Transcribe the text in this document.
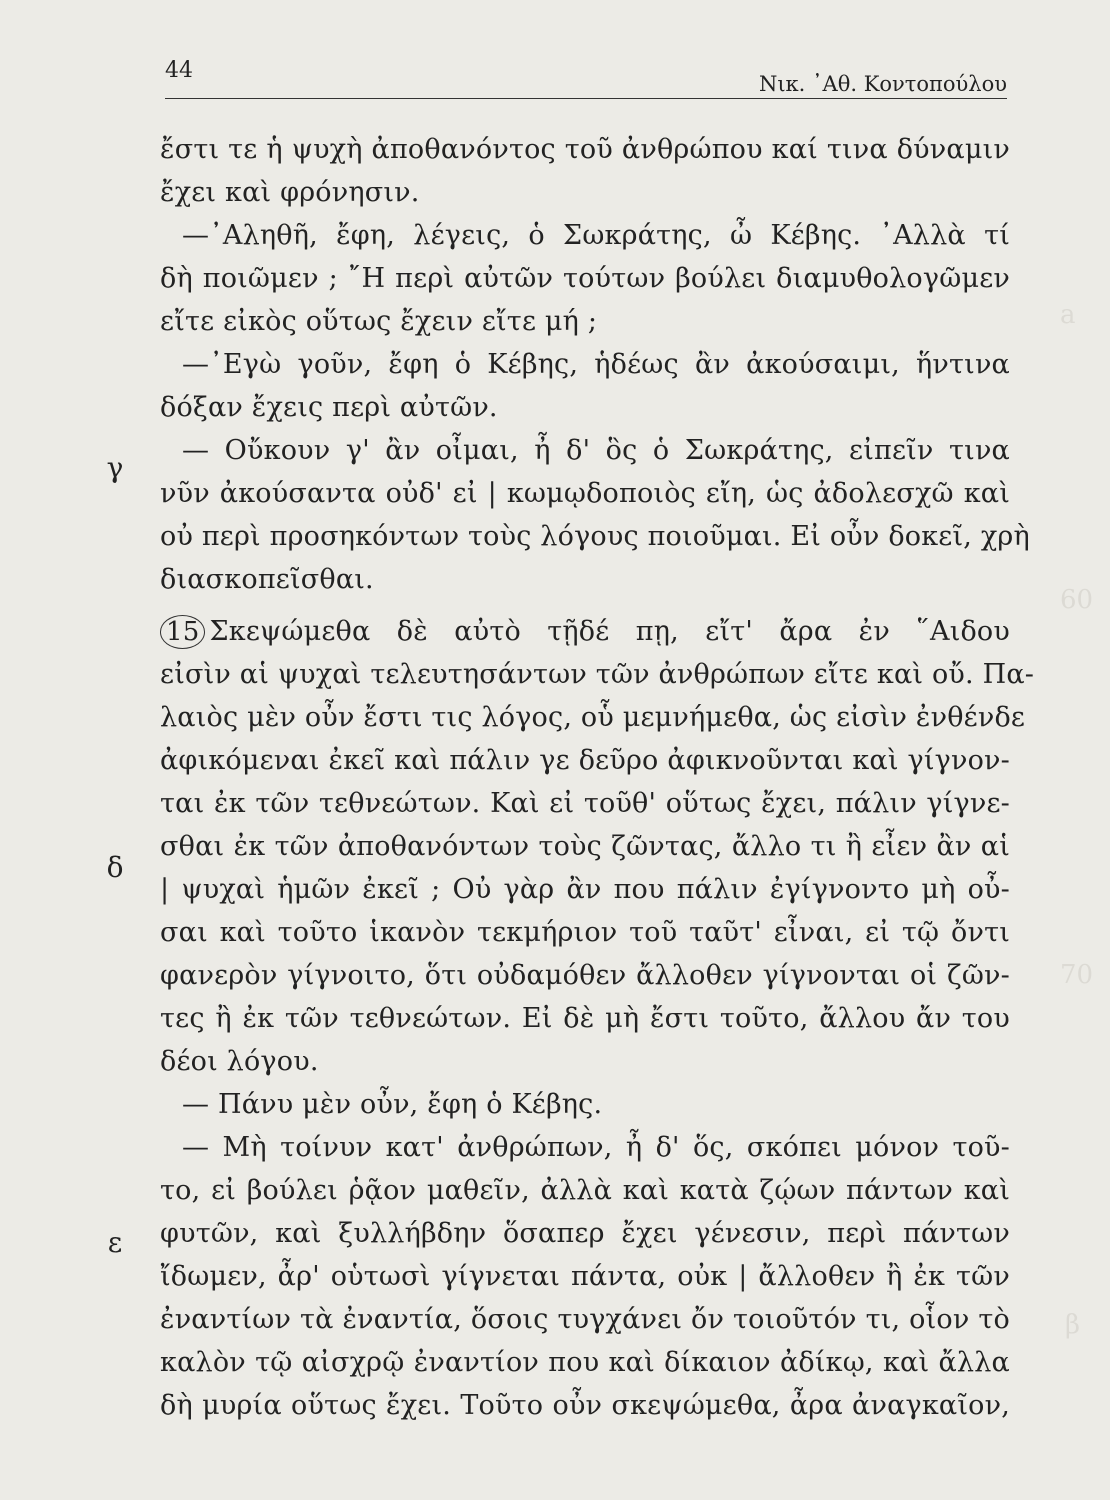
44
Νικ. ᾿Αθ. Κοντοπούλου
a
60
70
β
γ
δ
ε
ἔστι τε ἡ ψυχὴ ἀποθανόντος τοῦ ἀνθρώπου καί τινα δύναμιν
ἔχει καὶ φρόνησιν.
—᾿Αληθῆ, ἔφη, λέγεις, ὁ Σωκράτης, ὦ Κέβης. ᾿Αλλὰ τί
δὴ ποιῶμεν ; ῎Η περὶ αὐτῶν τούτων βούλει διαμυθολογῶμεν
εἴτε εἰκὸς οὕτως ἔχειν εἴτε μή ;
—᾿Εγὼ γοῦν, ἔφη ὁ Κέβης, ἡδέως ἂν ἀκούσαιμι, ἥντινα
δόξαν ἔχεις περὶ αὐτῶν.
— Οὔκουν γ' ἂν οἶμαι, ἦ δ' ὃς ὁ Σωκράτης, εἰπεῖν τινα
νῦν ἀκούσαντα οὐδ' εἰ | κωμῳδοποιὸς εἴη, ὡς ἀδολεσχῶ καὶ
οὐ περὶ προσηκόντων τοὺς λόγους ποιοῦμαι. Εἰ οὖν δοκεῖ, χρὴ
διασκοπεῖσθαι.
15 Σκεψώμεθα δὲ αὐτὸ τῇδέ πῃ, εἴτ' ἄρα ἐν ῞Αιδου
εἰσὶν αἱ ψυχαὶ τελευτησάντων τῶν ἀνθρώπων εἴτε καὶ οὔ. Πα-
λαιὸς μὲν οὖν ἔστι τις λόγος, οὗ μεμνήμεθα, ὡς εἰσὶν ἐνθένδε
ἀφικόμεναι ἐκεῖ καὶ πάλιν γε δεῦρο ἀφικνοῦνται καὶ γίγνον-
ται ἐκ τῶν τεθνεώτων. Καὶ εἰ τοῦθ' οὕτως ἔχει, πάλιν γίγνε-
σθαι ἐκ τῶν ἀποθανόντων τοὺς ζῶντας, ἄλλο τι ἢ εἶεν ἂν αἱ
| ψυχαὶ ἡμῶν ἐκεῖ ; Οὐ γὰρ ἂν που πάλιν ἐγίγνοντο μὴ οὖ-
σαι καὶ τοῦτο ἱκανὸν τεκμήριον τοῦ ταῦτ' εἶναι, εἰ τῷ ὄντι
φανερὸν γίγνοιτο, ὅτι οὐδαμόθεν ἄλλοθεν γίγνονται οἱ ζῶν-
τες ἢ ἐκ τῶν τεθνεώτων. Εἰ δὲ μὴ ἔστι τοῦτο, ἄλλου ἄν του
δέοι λόγου.
— Πάνυ μὲν οὖν, ἔφη ὁ Κέβης.
— Μὴ τοίνυν κατ' ἀνθρώπων, ἦ δ' ὅς, σκόπει μόνον τοῦ-
το, εἰ βούλει ῥᾷον μαθεῖν, ἀλλὰ καὶ κατὰ ζῴων πάντων καὶ
φυτῶν, καὶ ξυλλήβδην ὅσαπερ ἔχει γένεσιν, περὶ πάντων
ἴδωμεν, ἆρ' οὑτωσὶ γίγνεται πάντα, οὐκ | ἄλλοθεν ἢ ἐκ τῶν
ἐναντίων τὰ ἐναντία, ὅσοις τυγχάνει ὄν τοιοῦτόν τι, οἷον τὸ
καλὸν τῷ αἰσχρῷ ἐναντίον που καὶ δίκαιον ἀδίκῳ, καὶ ἄλλα
δὴ μυρία οὕτως ἔχει. Τοῦτο οὖν σκεψώμεθα, ἆρα ἀναγκαῖον,
